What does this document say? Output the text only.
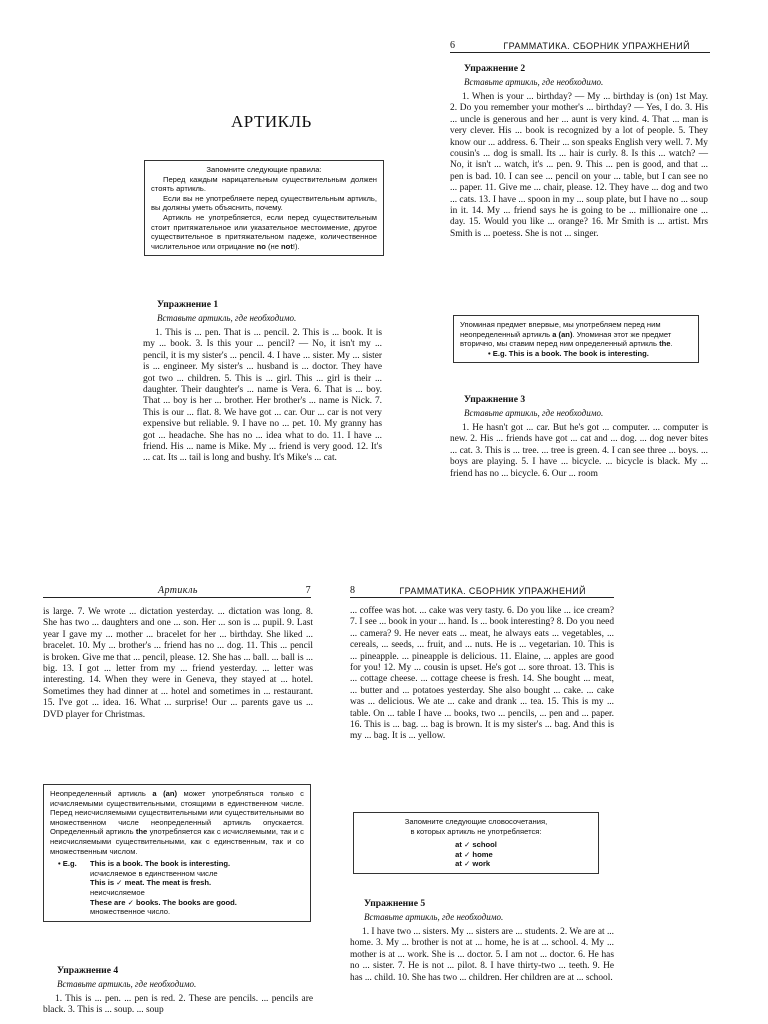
АРТИКЛЬ
Запомните следующие правила:
Перед каждым нарицательным существительным должен стоять артикль.
Если вы не употребляете перед существительным артикль, вы должны уметь объяснить, почему.
Артикль не употребляется, если перед существительным стоит притяжательное или указательное местоимение, другое существительное в притяжательном падеже, количественное числительное или отрицание no (не not!).

Упражнение 1

Вставьте артикль, где необходимо.

1. This is ... pen. That is ... pencil. 2. This is ... book. It is my ... book. 3. Is this your ... pencil? — No, it isn't my ... pencil, it is my sister's ... pencil. 4. I have ... sister. My ... sister is ... engineer. My sister's ... husband is ... doctor. They have got two ... children. 5. This is ... girl. This ... girl is their ... daughter. Their daughter's ... name is Vera. 6. That is ... boy. That ... boy is her ... brother. Her brother's ... name is Nick. 7. This is our ... flat. 8. We have got ... car. Our ... car is not very expensive but reliable. 9. I have no ... pet. 10. My granny has got ... headache. She has no ... idea what to do. 11. I have ... friend. His ... name is Mike. My ... friend is very good. 12. It's ... cat. Its ... tail is long and bushy. It's Mike's ... cat.

6	ГРАММАТИКА. СБОРНИК УПРАЖНЕНИЙ

Упражнение 2

Вставьте артикль, где необходимо.

1. When is your ... birthday? — My ... birthday is (on) 1st May. 2. Do you remember your mother's ... birthday? — Yes, I do. 3. His ... uncle is generous and her ... aunt is very kind. 4. That ... man is very clever. His ... book is recognized by a lot of people. 5. They know our ... address. 6. Their ... son speaks English very well. 7. My cousin's ... dog is small. Its ... hair is curly. 8. Is this ... watch? — No, it isn't ... watch, it's ... pen. 9. This ... pen is good, and that ... pen is bad. 10. I can see ... pencil on your ... table, but I can see no ... paper. 11. Give me ... chair, please. 12. They have ... dog and two ... cats. 13. I have ... spoon in my ... soup plate, but I have no ... soup in it. 14. My ... friend says he is going to be ... millionaire one ... day. 15. Would you like ... orange? 16. Mr Smith is ... artist. Mrs Smith is ... poetess. She is not ... singer.

Упоминая предмет впервые, мы употребляем перед ним неопределенный артикль a (an). Упоминая этот же предмет вторично, мы ставим перед ним определенный артикль the.
• E.g. This is a book. The book is interesting.

Упражнение 3

Вставьте артикль, где необходимо.

1. He hasn't got ... car. But he's got ... computer. ... computer is new. 2. His ... friends have got ... cat and ... dog. ... dog never bites ... cat. 3. This is ... tree. ... tree is green. 4. I can see three ... boys. ... boys are playing. 5. I have ... bicycle. ... bicycle is black. My ... friend has no ... bicycle. 6. Our ... room

Артикль	7

is large. 7. We wrote ... dictation yesterday. ... dictation was long. 8. She has two ... daughters and one ... son. Her ... son is ... pupil. 9. Last year I gave my ... mother ... bracelet for her ... birthday. She liked ... bracelet. 10. My ... brother's ... friend has no ... dog. 11. This ... pencil is broken. Give me that ... pencil, please. 12. She has ... ball. ... ball is ... big. 13. I got ... letter from my ... friend yesterday. ... letter was interesting. 14. When they were in Geneva, they stayed at ... hotel. Sometimes they had dinner at ... hotel and sometimes in ... restaurant. 15. I've got ... idea. 16. What ... surprise! Our ... parents gave us ... DVD player for Christmas.

Неопределенный артикль a (an) может употребляться только с исчисляемыми существительными, стоящими в единственном числе. Перед неисчисляемыми существительными или существительными во множественном числе неопределенный артикль опускается. Определенный артикль the употребляется как с исчисляемыми, так и с неисчисляемыми существительными, как с единственным, так и со множественным числом.
• E.g.	This is a book. The book is interesting.
исчисляемое в единственном числе
This is ✓ meat. The meat is fresh.
неисчисляемое
These are ✓ books. The books are good.
множественное число.

Упражнение 4

Вставьте артикль, где необходимо.

1. This is ... pen. ... pen is red. 2. These are pencils. ... pencils are black. 3. This is ... soup. ... soup

8	ГРАММАТИКА. СБОРНИК УПРАЖНЕНИЙ

... coffee was hot. ... cake was very tasty. 6. Do you like ... ice cream? 7. I see ... book in your ... hand. Is ... book interesting? 8. Do you need ... camera? 9. He never eats ... meat, he always eats ... vegetables, ... cereals, ... seeds, ... fruit, and ... nuts. He is ... vegetarian. 10. This is ... pineapple. ... pineapple is delicious. 11. Elaine, ... apples are good for you! 12. My ... cousin is upset. He's got ... sore throat. 13. This is ... cottage cheese. ... cottage cheese is fresh. 14. She bought ... meat, ... butter and ... potatoes yesterday. She also bought ... cake. ... cake was ... delicious. We ate ... cake and drank ... tea. 15. This is my ... table. On ... table I have ... books, two ... pencils, ... pen and ... paper. 16. This is ... bag. ... bag is brown. It is my sister's ... bag. And this is my ... bag. It is ... yellow.

Запомните следующие словосочетания,
в которых артикль не употребляется:
at ✓ school
at ✓ home
at ✓ work

Упражнение 5

Вставьте артикль, где необходимо.

1. I have two ... sisters. My ... sisters are ... students. 2. We are at ... home. 3. My ... brother is not at ... home, he is at ... school. 4. My ... mother is at ... work. She is ... doctor. 5. I am not ... doctor. 6. He has no ... sister. 7. He is not ... pilot. 8. I have thirty-two ... teeth. 9. He has ... child. 10. She has two ... children. Her children are at ... school.
